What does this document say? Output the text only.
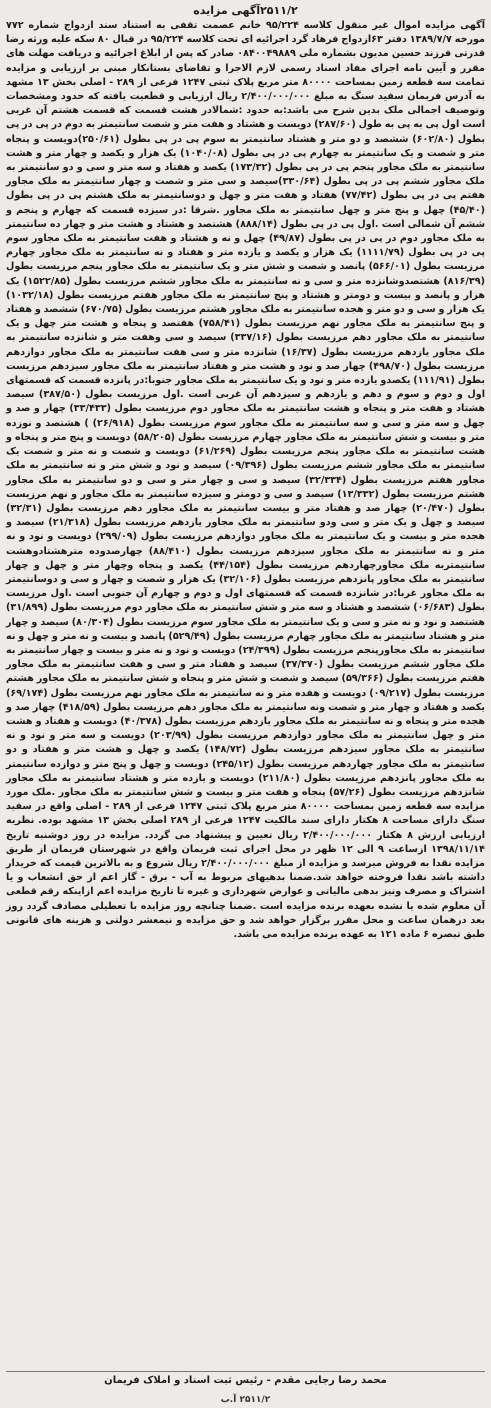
۲۵۱۱/۲آگهی مزایده
آگهی مزایده اموال غیر منقول کلاسه ۹۵/۲۲۴ خانم عصمت تقفی به استناد سند ازدواج شماره ۷۷۲ مورخه ۱۳۸۹/۷/۷ دفتر ۶۳ازدواج فرهاد گرد اجرائیه ای تحت کلاسه ۹۵/۲۲۴ در قبال ۸۰ سکه علیه ورثه رضا قدرتی فرزند حسین مدیون بشماره ملی ۰۸۴۰۰۴۹۸۸۹ صادر که پس از ابلاغ اجرائیه و دریافت مهلت های مقرر و آیین نامه اجرای مفاد اسناد رسمی لازم الاجرا و تقاضای بستانکار مبنی بر ارزیابی و مزایده تمامت سه قطعه زمین بمساحت ۸۰۰۰۰ متر مربع پلاک ثبتی ۱۲۴۷ فرعی از ۲۸۹ - اصلی بخش ۱۳ مشهد به آدرس فریمان سفید سنگ به مبلغ ۲/۴۰۰/۰۰۰/۰۰۰ ریال ارزیابی و قطعیت یافته که حدود ومشخصات وتوصیف اجمالی ملک بدین شرح می باشد:به حدود :شمالادر هشت قسمت که قسمت هشتم آن غربی است اول پی به پی به طول (۲۸۷/۶۰) دویست و هشتاد و هفت متر و شصت سانتیمتر به دوم در پی در پی بطول (۶۰۲/۸۰) ششصد و دو متر و هشتاد سانتیمتر به سوم پی در پی بطول (۲۵۰/۶۱)دویست و پنجاه متر و شصت و یک سانتیمتر به چهارم پی در پی بطول (۱۰۴۰/۰۸) یک هزار و یکصد و چهار متر و هشت سانتیمتر به ملک مجاور پنجم پی در پی بطول (۱۷۳/۳۲) یکصد و هفتاد و سه متر و سی و دو سانتیمتر به ملک مجاور ششم پی در پی بطول (۳۳۰/۶۴)سیصد و سی متر و شصت و چهار سانتیمتر به ملک مجاور هفتم پی در پی بطول (۷۷/۴۲) هفتاد و هفت متر و چهل و دوسانتیمتر به ملک هشتم پی در پی بطول (۴۵/۴۰) چهل و پنج متر و چهل سانتیمتر به ملک مجاور .شرقا :در سیزده قسمت که چهارم و پنجم و ششم آن شمالی است .اول پی در پی بطول (۸۸۸/۱۴) هشتصد و هشتاد و هشت متر و چهار ده سانتیمتر به ملک مجاور دوم در پی در پی بطول (۴۹/۸۷) چهل و نه و هشتاد و هفت سانتیمتر به ملک مجاور سوم پی در پی بطول (۱۱۱۱/۷۹) یک هزار و یکصد و یازده متر و هفتاد و نه سانتیمتر به ملک مجاور چهارم مرزیست بطول (۵۶۶/۰۱) پانصد و شصت و شش متر و یک سانتیمتر به ملک مجاور پنجم مرزیست بطول (۸۱۶/۳۹) هشتصدوشانزده متر و سی و نه سانتیمتر به ملک مجاور ششم مرزیست بطول (۱۵۲۲/۸۵) یک هزار و پانصد و بیست و دومتر و هشتاد و پنج سانتیمتر به ملک مجاور هفتم مرزیست بطول (۱۰۳۲/۱۸) یک هزار و سی و دو متر و هجده سانتیمتر به ملک مجاور هشتم مرزیست بطول (۶۷۰/۷۵) ششصد و هفتاد و پنج سانتیمتر به ملک مجاور نهم مرزیست بطول (۷۵۸/۴۱) هفتصد و پنجاه و هشت متر چهل و یک سانتیمتر به ملک مجاور دهم مرزیست بطول (۳۳۷/۱۶) سیصد و سی وهفت متر و شانزده سانتیمتر به ملک مجاور یازدهم مرزیست بطول (۱۶/۳۷) شانزده متر و سی هفت سانتیمتر به ملک مجاور دوازدهم مرزیست بطول (۴۹۸/۷۰) چهار صد و نود و هشت متر و هفتاد سانتیمتر به ملک مجاور سیزدهم مرزیست بطول (۱۱۱/۹۱) یکصدو یازده متر و نود و یک سانتیمتر به ملک مجاور جنوبا:در پانزده قسمت که قسمتهای اول و دوم و سوم و دهم و یازدهم و سیزدهم آن غربی است .اول مرزیست بطول (۳۸۷/۵۰) سیصد هشتاد و هفت متر و پنجاه و هشت سانتیمتر به ملک مجاور دوم مرزیست بطول (۳۳/۴۳۳) چهار و صد و چهل و سه متر و سی و سه سانتیمتر به ملک مجاور سوم مرزیست بطول (۲۶/۹۱۸) ) هشتصد و نوزده متر و بیست و شش سانتیمتر به ملک مجاور چهارم مرزیست بطول (۵۸/۲۰۵) دویست و پنج متر و پنجاه و هشت سانتیمتر به ملک مجاور پنجم مرزیست بطول (۶۱/۲۶۹) دویست و شصت و نه متر و شصت یک سانتیمتر به ملک مجاور ششم مرزیست بطول (۰۹/۳۹۶) سیصد و نود و شش متر و نه سانتیمتر به ملک مجاور هفتم مرزیست بطول (۳۲/۳۳۴) سیصد و سی و چهار متر و سی و دو سانتیمتر به ملک مجاور هشتم مرزیست بطول (۱۳/۳۳۲) سیصد و سی و دومتر و سیزده سانتیمتر به ملک مجاور و نهم مرزیست بطول (۲۰/۴۷۰) چهار صد و هفتاد متر و بیست سانتیمتر به ملک مجاور دهم مرزیست بطول (۳۲/۳۱) سیصد و چهل و یک متر و سی ودو سانتیمتر به ملک مجاور یازدهم مرزیست بطول (۲۱/۳۱۸) سیصد و هجده متر و بیست و یک سانتیمتر به ملک مجاور دوازدهم مرزیست بطول (۲۹۹/۰۹) دویست و نود و نه متر و نه سانتیمتر به ملک مجاور سیزدهم مرزیست بطول (۸۸/۴۱۰) چهارصدوده مترهشتادوهشت سانتیمتربه ملک مجاورچهاردهم مرزیست بطول (۴۴/۱۵۴) یکصد و پنجاه وچهار متر و چهل و چهار سانتیمتر به ملک مجاور پانزدهم مرزیست بطول (۳۲/۱۰۶) یک هزار و شصت و چهار و سی و دوسانتیمتر به ملک مجاور غربا:در شانزده قسمت که قسمتهای اول و دوم و چهارم آن جنوبی است .اول مرزیست بطول (۰۶/۶۸۳) ششصد و هشتاد و سه متر و شش سانتیمتر به ملک مجاور دوم مرزیست بطول (۳۱/۸۹۹) هشتصد و نود و نه متر و سی و یک سانتیمتر به ملک مجاور سوم مرزیست بطول (۸۰/۳۰۴) سیصد و چهار متر و هشتاد سانتیمتر به ملک مجاور چهارم مرزیست بطول (۵۲۹/۴۹) پانصد و بیست و نه متر و چهل و نه سانتیمتر به ملک مجاورپنجم مرزیست بطول (۲۴/۳۹۹) دویست و نود و نه متر و بیست و چهار سانتیمتر به ملک مجاور ششم مرزیست بطول (۳۷/۳۷۰) سیصد و هفتاد متر و سی و هفت سانتیمتر به ملک مجاور هفتم مرزیست بطول (۵۹/۳۶۶) سیصد و شصت و شش متر و پنجاه و شش سانتیمتر به ملک مجاور هشتم مرزیست بطول (۰۹/۲۱۷) دویست و هفده متر و نه سانتیمتر به ملک مجاور نهم مرزیست بطول (۶۹/۱۷۴) یکصد و هفتاد و چهار متر و شصت ونه سانتیمتر به ملک مجاور دهم مرزیست بطول (۴۱۸/۵۹) چهار صد و هجده متر و پنجاه و نه سانتیمتر به ملک مجاور یازدهم مرزیست بطول (۴۰/۳۷۸) دویست و هفتاد و هشت متر و چهل سانتیمتر به ملک مجاور دوازدهم مرزیست بطول (۲۰۳/۹۹) دویست و سه متر و نود و نه سانتیمتر به ملک مجاور سیزدهم مرزیست بطول (۱۴۸/۷۲) یکصد و چهل و هشت متر و هفتاد و دو سانتیمتر به ملک مجاور چهاردهم مرزیست بطول (۲۴۵/۱۲) دویست و چهل و پنج متر و دوازده سانتیمتر به ملک مجاور پانزدهم مرزیست بطول (۲۱۱/۸۰) دویست و یازده متر و هشتاد سانتیمتر به ملک مجاور شانزدهم مرزیست بطول (۵۷/۲۶) پنجاه و هفت متر و بیست و شش سانتیمتر به ملک مجاور .ملک مورد مزایده سه قطعه زمین بمساحت ۸۰۰۰۰ متر مربع پلاک ثبتی ۱۲۴۷ فرعی از ۲۸۹ - اصلی واقع در سفید سنگ دارای مساحت ۸ هکتار دارای سند مالکیت ۱۲۴۷ فرعی از ۲۸۹ اصلی بخش ۱۳ مشهد بوده. نظریه ارزیابی ارزش ۸ هکتار ۲/۴۰۰/۰۰۰/۰۰۰ ریال تعیین و پیشنهاد می گردد. مزایده در روز دوشنبه تاریخ ۱۳۹۸/۱۱/۱۴ ازساعت ۹ الی ۱۲ ظهر در محل اجرای ثبت فریمان واقع در شهرستان فریمان از طریق مزایده نقدا به فروش میرسد و مزایده از مبلغ ۲/۴۰۰/۰۰۰/۰۰۰ ریال شروع و به بالاترین قیمت که خریدار داشته باشد نقدا فروخته خواهد شد.ضمنا بدهیهای مربوط به آب - برق - گاز اعم از حق انشعاب و یا اشتراک و مصرف ونیز بدهی مالیاتی و عوارض شهرداری و غیره تا تاریخ مزایده اعم ازاینکه رقم قطعی آن معلوم شده یا نشده بعهده برنده مزایده است .ضمنا چنانچه روز مزایده با تعطیلی مصادف گردد روز بعد درهمان ساعت و محل مقرر برگزار خواهد شد و حق مزایده و نیمعشر دولتی و هزینه های قانونی طبق تبصره ۶ ماده ۱۲۱ به عهده برنده مزایده می باشد.
محمد رضا رجایی مقدم - رئیس ثبت اسناد و املاک فریمان
۲۵۱۱/۲ آ.ب
